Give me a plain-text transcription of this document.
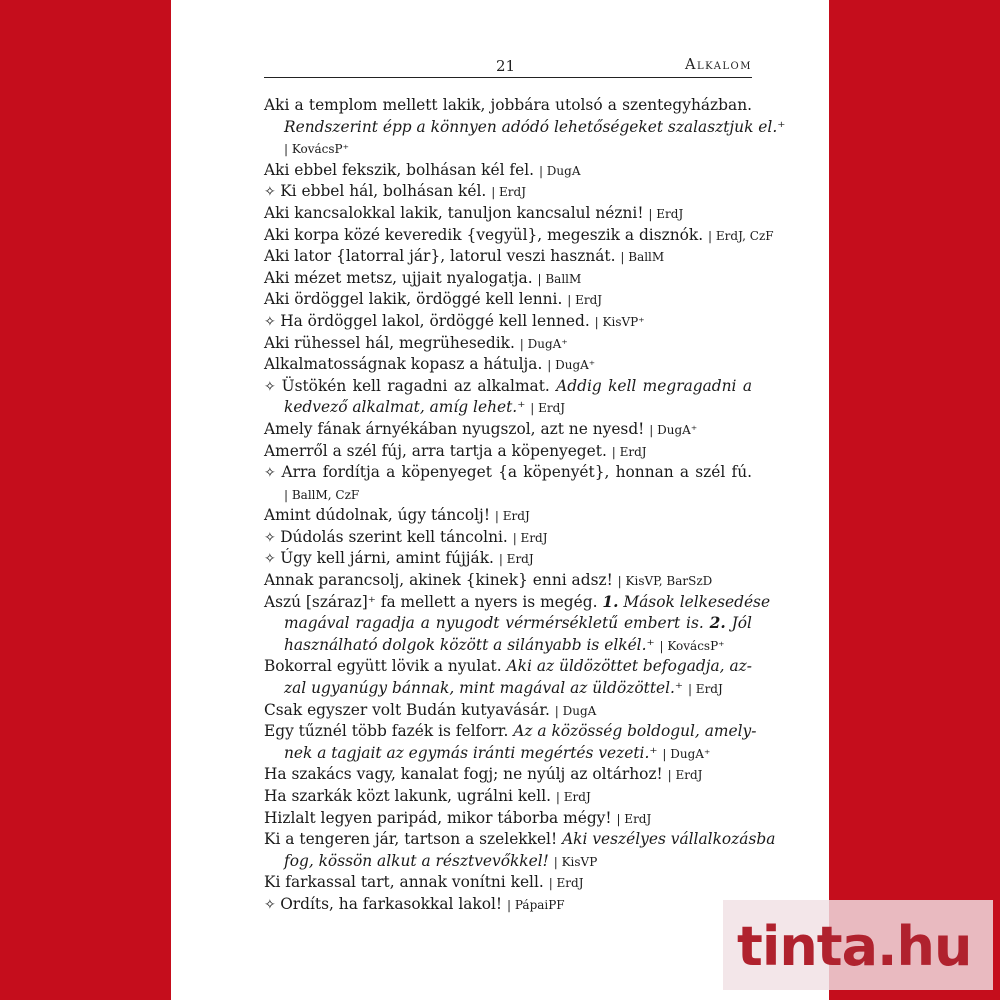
21	Alkalom
Aki a templom mellett lakik, jobbára utolsó a szentegyházban.
Rendszerint épp a könnyen adódó lehetőségeket szalasztjuk el.⁺
| KovácsP⁺
Aki ebbel fekszik, bolhásan kél fel. | DugA
✧ Ki ebbel hál, bolhásan kél. | ErdJ
Aki kancsalokkal lakik, tanuljon kancsalul nézni! | ErdJ
Aki korpa közé keveredik {vegyül}, megeszik a disznók. | ErdJ, CzF
Aki lator {latorral jár}, latorul veszi hasznát. | BallM
Aki mézet metsz, ujjait nyalogatja. | BallM
Aki ördöggel lakik, ördöggé kell lenni. | ErdJ
✧ Ha ördöggel lakol, ördöggé kell lenned. | KisVP⁺
Aki rühessel hál, megrühesedik. | DugA⁺
Alkalmatosságnak kopasz a hátulja. | DugA⁺
✧ Üstökén kell ragadni az alkalmat. Addig kell megragadni a
kedvező alkalmat, amíg lehet.⁺ | ErdJ
Amely fának árnyékában nyugszol, azt ne nyesd! | DugA⁺
Amerről a szél fúj, arra tartja a köpenyeget. | ErdJ
✧ Arra fordítja a köpenyeget {a köpenyét}, honnan a szél fú.
| BallM, CzF
Amint dúdolnak, úgy táncolj! | ErdJ
✧ Dúdolás szerint kell táncolni. | ErdJ
✧ Úgy kell járni, amint fújják. | ErdJ
Annak parancsolj, akinek {kinek} enni adsz! | KisVP, BarSzD
Aszú [száraz]⁺ fa mellett a nyers is megég. 1. Mások lelkesedése
magával ragadja a nyugodt vérmérsékletű embert is. 2. Jól
használható dolgok között a silányabb is elkél.⁺ | KovácsP⁺
Bokorral együtt lövik a nyulat. Aki az üldözöttet befogadja, az-
zal ugyanúgy bánnak, mint magával az üldözöttel.⁺ | ErdJ
Csak egyszer volt Budán kutyavásár. | DugA
Egy tűznél több fazék is felforr. Az a közösség boldogul, amely-
nek a tagjait az egymás iránti megértés vezeti.⁺ | DugA⁺
Ha szakács vagy, kanalat fogj; ne nyúlj az oltárhoz! | ErdJ
Ha szarkák közt lakunk, ugrálni kell. | ErdJ
Hizlalt legyen paripád, mikor táborba mégy! | ErdJ
Ki a tengeren jár, tartson a szelekkel! Aki veszélyes vállalkozásba
fog, kössön alkut a résztvevőkkel! | KisVP
Ki farkassal tart, annak vonítni kell. | ErdJ
✧ Ordíts, ha farkasokkal lakol! | PápaiPF
tinta.hu
